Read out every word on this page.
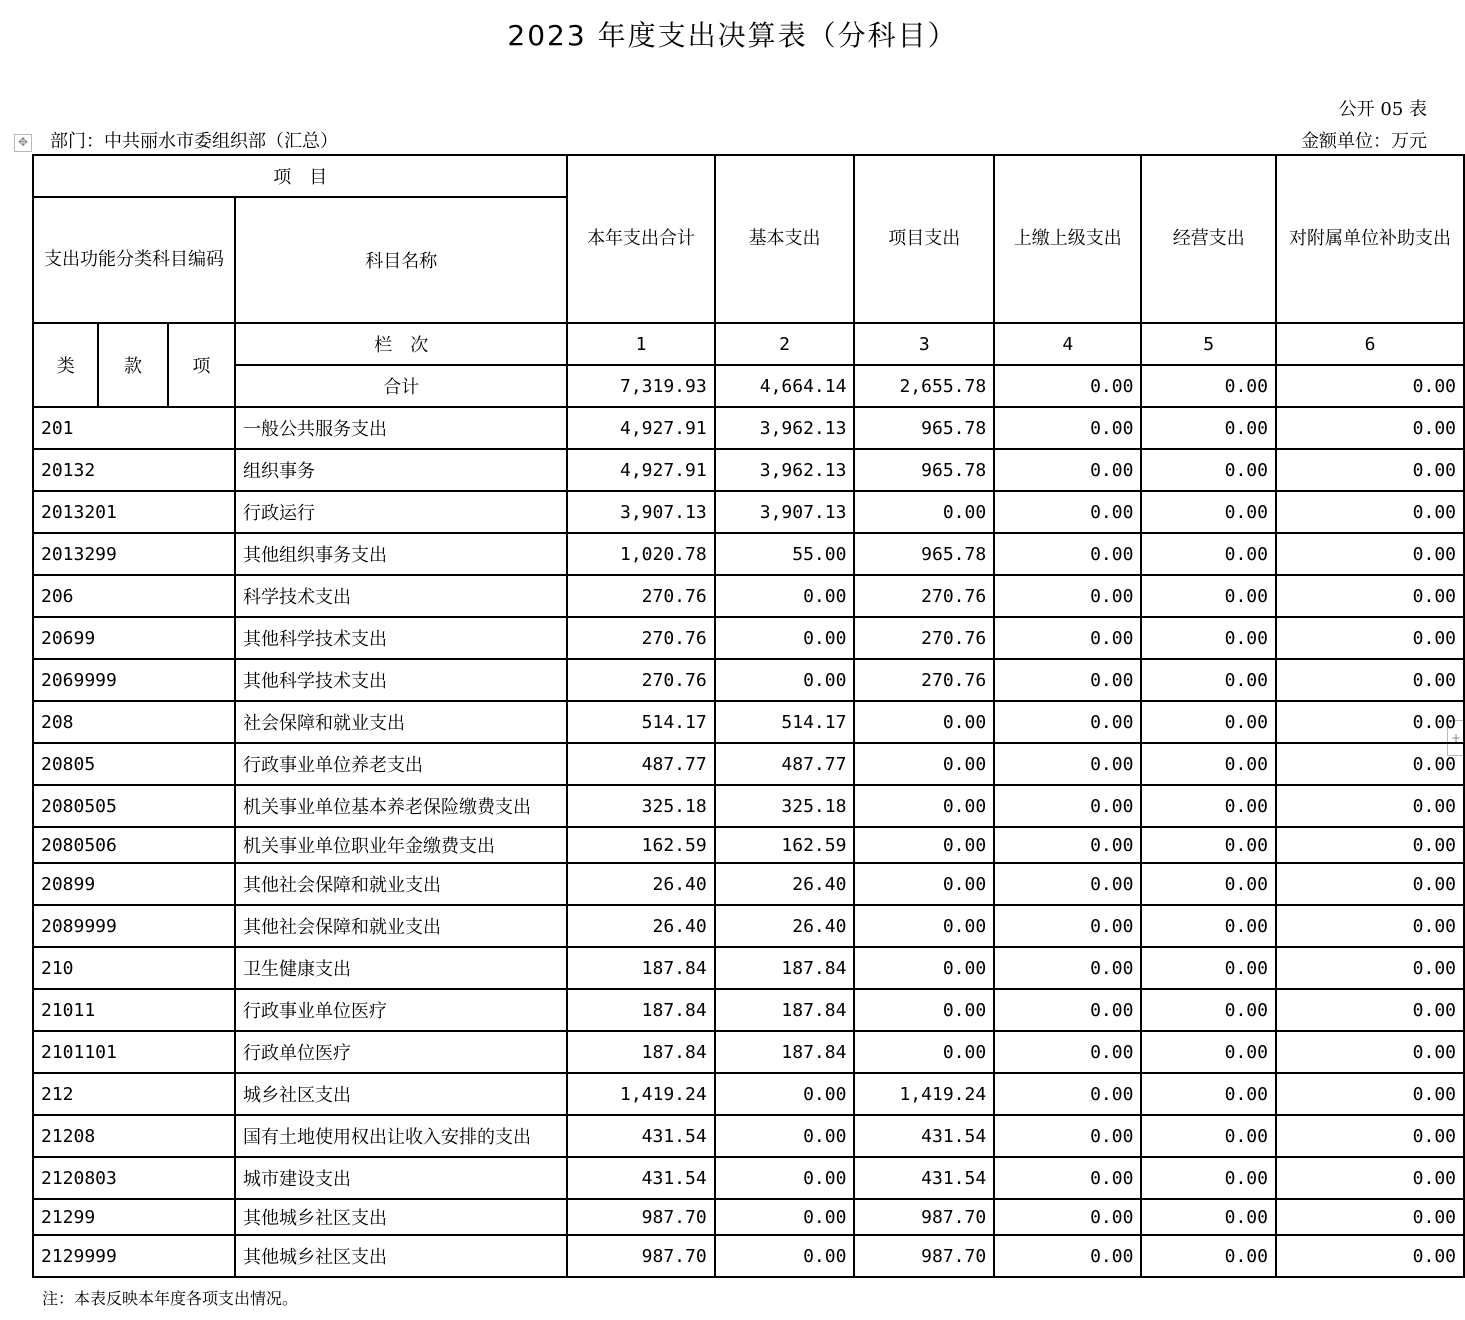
2023 年度支出决算表（分科目）
公开 05 表
部门：中共丽水市委组织部（汇总）	金额单位：万元
✥
+
项　目				本年支出合计	基本支出	项目支出	上缴上级支出	经营支出	对附属单位补助支出
支出功能分类科目编码			科目名称						
类	款	项	栏　次	1	2	3	4	5	6
			合计	7,319.93	4,664.14	2,655.78	0.00	0.00	0.00
201			一般公共服务支出	4,927.91	3,962.13	965.78	0.00	0.00	0.00
20132			组织事务	4,927.91	3,962.13	965.78	0.00	0.00	0.00
2013201			行政运行	3,907.13	3,907.13	0.00	0.00	0.00	0.00
2013299			其他组织事务支出	1,020.78	55.00	965.78	0.00	0.00	0.00
206			科学技术支出	270.76	0.00	270.76	0.00	0.00	0.00
20699			其他科学技术支出	270.76	0.00	270.76	0.00	0.00	0.00
2069999			其他科学技术支出	270.76	0.00	270.76	0.00	0.00	0.00
208			社会保障和就业支出	514.17	514.17	0.00	0.00	0.00	0.00
20805			行政事业单位养老支出	487.77	487.77	0.00	0.00	0.00	0.00
2080505			机关事业单位基本养老保险缴费支出	325.18	325.18	0.00	0.00	0.00	0.00
2080506			机关事业单位职业年金缴费支出	162.59	162.59	0.00	0.00	0.00	0.00
20899			其他社会保障和就业支出	26.40	26.40	0.00	0.00	0.00	0.00
2089999			其他社会保障和就业支出	26.40	26.40	0.00	0.00	0.00	0.00
210			卫生健康支出	187.84	187.84	0.00	0.00	0.00	0.00
21011			行政事业单位医疗	187.84	187.84	0.00	0.00	0.00	0.00
2101101			行政单位医疗	187.84	187.84	0.00	0.00	0.00	0.00
212			城乡社区支出	1,419.24	0.00	1,419.24	0.00	0.00	0.00
21208			国有土地使用权出让收入安排的支出	431.54	0.00	431.54	0.00	0.00	0.00
2120803			城市建设支出	431.54	0.00	431.54	0.00	0.00	0.00
21299			其他城乡社区支出	987.70	0.00	987.70	0.00	0.00	0.00
2129999			其他城乡社区支出	987.70	0.00	987.70	0.00	0.00	0.00
注：本表反映本年度各项支出情况。
